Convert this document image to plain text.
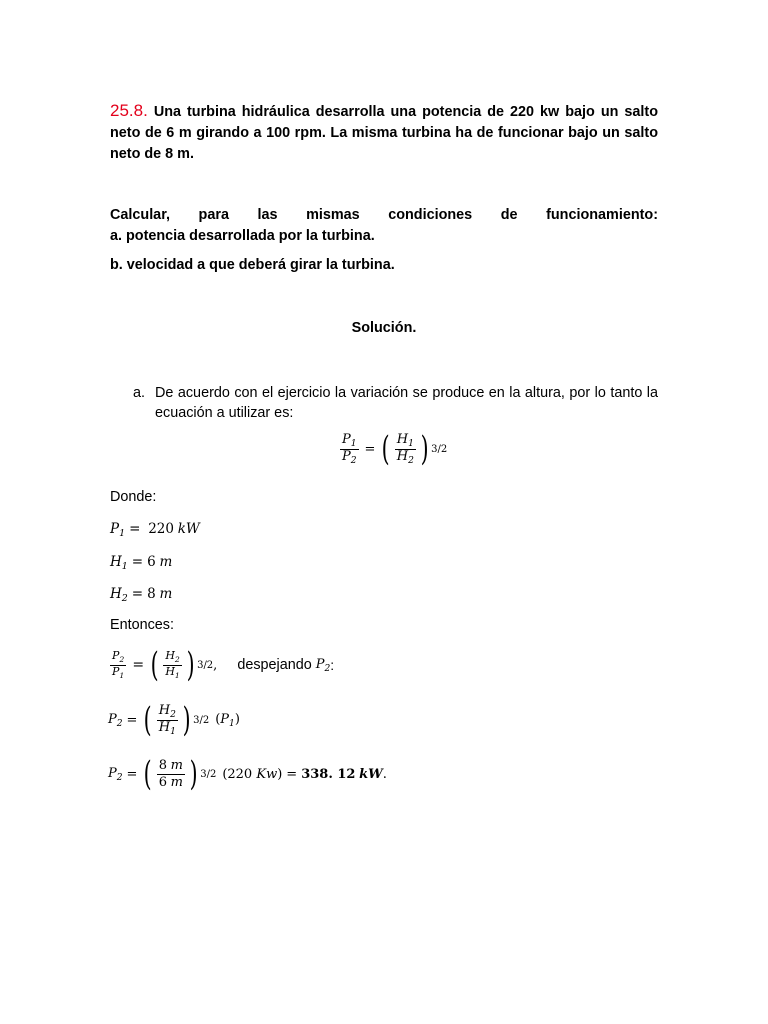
25.8. Una turbina hidráulica desarrolla una potencia de 220 kw bajo un salto neto de 6 m girando a 100 rpm. La misma turbina ha de funcionar bajo un salto neto de 8 m.
Calcular, para las mismas condiciones de funcionamiento:
a. potencia desarrollada por la turbina.
b. velocidad a que deberá girar la turbina.
Solución.
a. De acuerdo con el ejercicio la variación se produce en la altura, por lo tanto la ecuación a utilizar es:
$\frac{P_1}{P_2}$ = ( $\frac{H_1}{H_2}$ ) 3/2
Donde:
$P_1 = 220$ kW
$H_1 = 6$ m
$H_2 = 8$ m
Entonces:
$\frac{P_2}{P_1}$ = ( $\frac{H_2}{H_1}$ ) 3/2 , despejando $P_2$ :
$P_2$ = ( $\frac{H_2}{H_1}$ ) 3/2 $(P_1)$
$P_2$ = ( $\frac{8 m}{6 m}$ ) 3/2 (220 Kw) = 338. 12
kW .
